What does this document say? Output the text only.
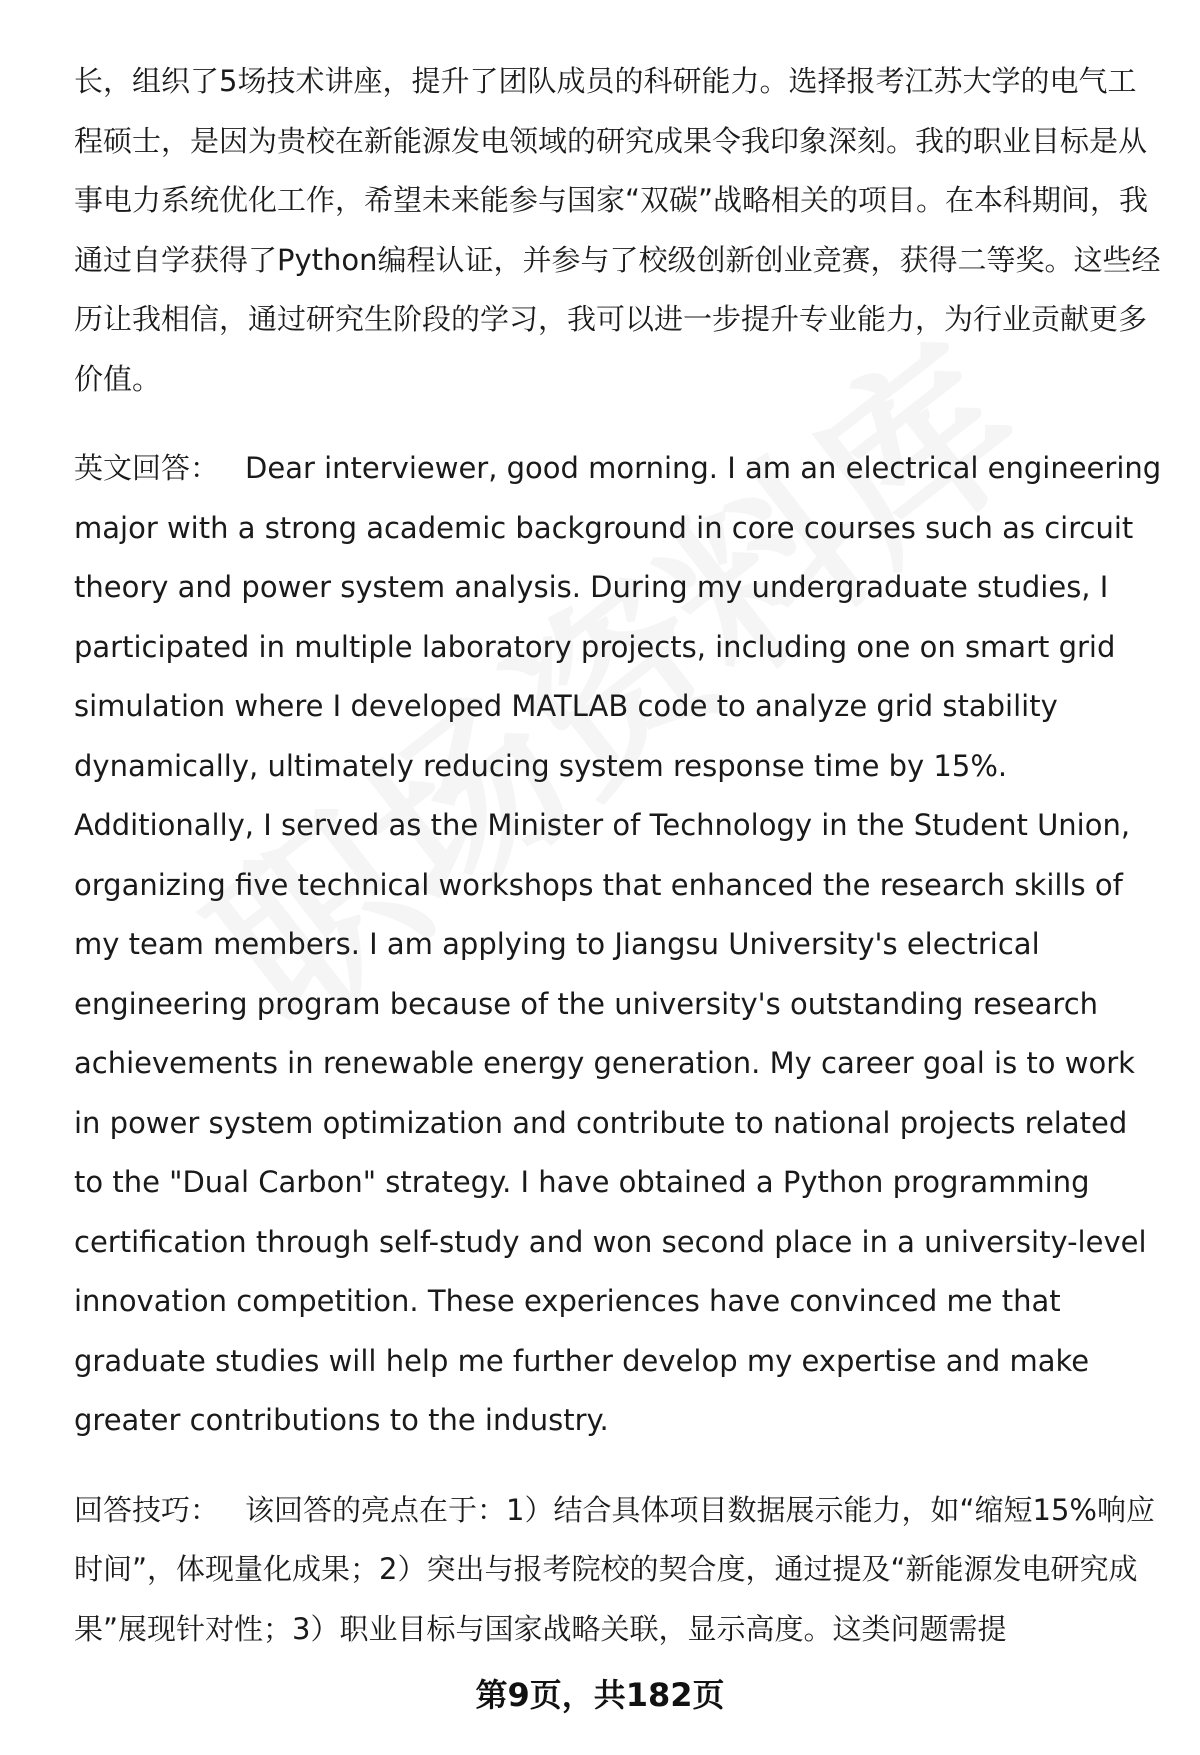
长，组织了5场技术讲座，提升了团队成员的科研能力。选择报考江苏大学的电气工程硕士，是因为贵校在新能源发电领域的研究成果令我印象深刻。我的职业目标是从事电力系统优化工作，希望未来能参与国家“双碳”战略相关的项目。在本科期间，我通过自学获得了Python编程认证，并参与了校级创新创业竞赛，获得二等奖。这些经历让我相信，通过研究生阶段的学习，我可以进一步提升专业能力，为行业贡献更多价值。

英文回答： Dear interviewer, good morning. I am an electrical engineering major with a strong academic background in core courses such as circuit theory and power system analysis. During my undergraduate studies, I participated in multiple laboratory projects, including one on smart grid simulation where I developed MATLAB code to analyze grid stability dynamically, ultimately reducing system response time by 15%. Additionally, I served as the Minister of Technology in the Student Union, organizing five technical workshops that enhanced the research skills of my team members. I am applying to Jiangsu University's electrical engineering program because of the university's outstanding research achievements in renewable energy generation. My career goal is to work in power system optimization and contribute to national projects related to the "Dual Carbon" strategy. I have obtained a Python programming certification through self-study and won second place in a university-level innovation competition. These experiences have convinced me that graduate studies will help me further develop my expertise and make greater contributions to the industry.

回答技巧： 该回答的亮点在于：1）结合具体项目数据展示能力，如“缩短15%响应时间”，体现量化成果；2）突出与报考院校的契合度，通过提及“新能源发电研究成果”展现针对性；3）职业目标与国家战略关联，显示高度。这类问题需提

第9页，共182页
